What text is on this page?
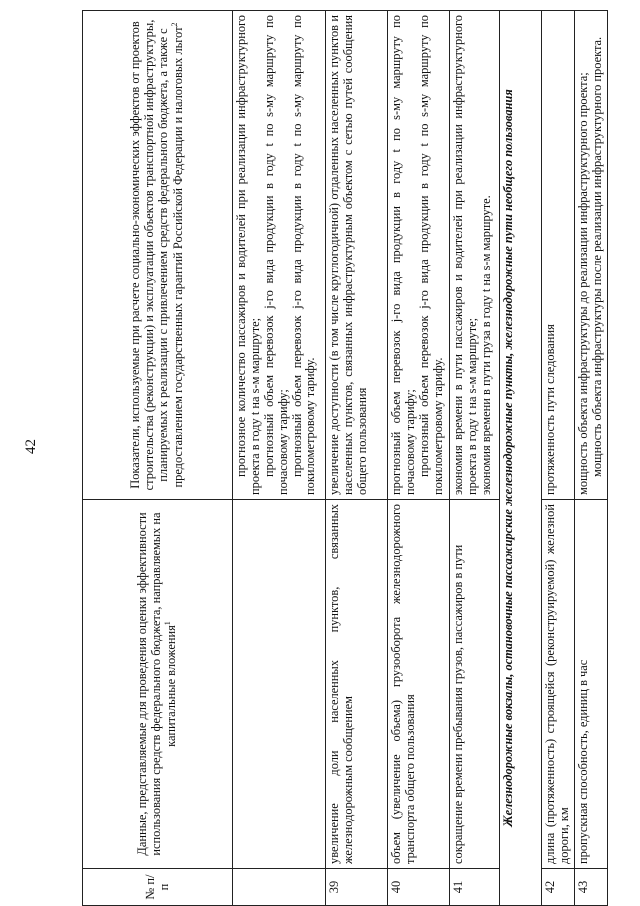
42
№ п/п	Данные, представляемые для проведения оценки эффективности использования средств федерального бюджета, направляемых на капитальные вложения$^1$	Показатели, используемые при расчете социально-экономических эффектов от проектов строительства (реконструкции) и эксплуатации объектов транспортной инфраструктуры, планируемых к реализации с привлечением средств федерального бюджета, а также с предоставлением государственных гарантий Российской Федерации и налоговых льгот$^2$

		прогнозное количество пассажиров и водителей при реализации инфраструктурного проекта в году t на s-м маршруте; прогнозный объем перевозок j-го вида продукции в году t по s-му маршруту по почасовому тарифу; прогнозный объем перевозок j-го вида продукции в году t по s-му маршруту по покилометровому тарифу.

39	увеличение доли населенных пунктов, связанных железнодорожным сообщением	увеличение доступности (в том числе круглогодичной) отдаленных населенных пунктов и населенных пунктов, связанных инфраструктурным объектом с сетью путей сообщения общего пользования

40	объем (увеличение объема) грузооборота железнодорожного транспорта общего пользования	прогнозный объем перевозок j-го вида продукции в году t по s-му маршруту по почасовому тарифу; прогнозный объем перевозок j-го вида продукции в году t по s-му маршруту по покилометровому тарифу.

41	сокращение времени пребывания грузов, пассажиров в пути	экономия времени в пути пассажиров и водителей при реализации инфраструктурного проекта в году t на s-м маршруте; экономия времени в пути груза в году t на s-м маршруте.

Железнодорожные вокзалы, остановочные пассажирские железнодорожные пункты, железнодорожные пути необщего пользования		
42	длина (протяженность) строящейся (реконструируемой) железной дороги, км	протяженность пути следования

43	пропускная способность, единиц в час	мощность объекта инфраструктуры до реализации инфраструктурного проекта; мощность объекта инфраструктуры после реализации инфраструктурного проекта.
